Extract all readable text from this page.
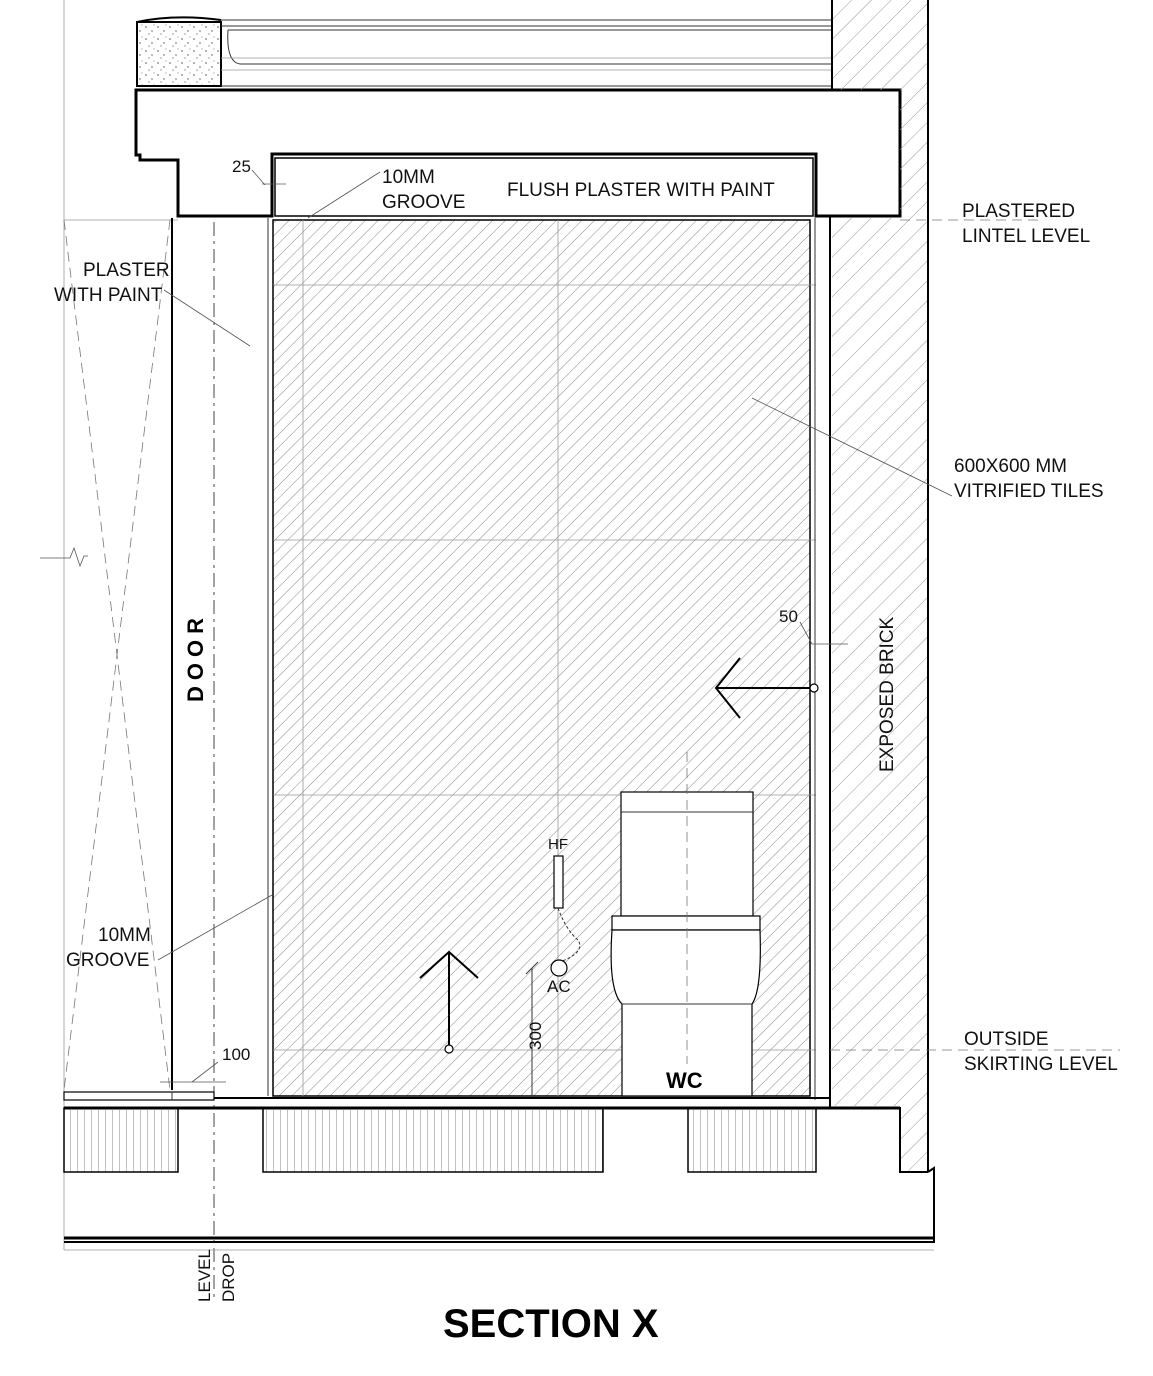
25
10MM
GROOVE
FLUSH PLASTER WITH PAINT
PLASTERED
LINTEL LEVEL
PLASTER
WITH PAINT
600X600 MM
VITRIFIED TILES
DOOR	50
EXPOSED BRICK
HF
10MM
GROOVE
AC
300	OUTSIDE
SKIRTING LEVEL
100
WC
LEVEL DROP
SECTION X
